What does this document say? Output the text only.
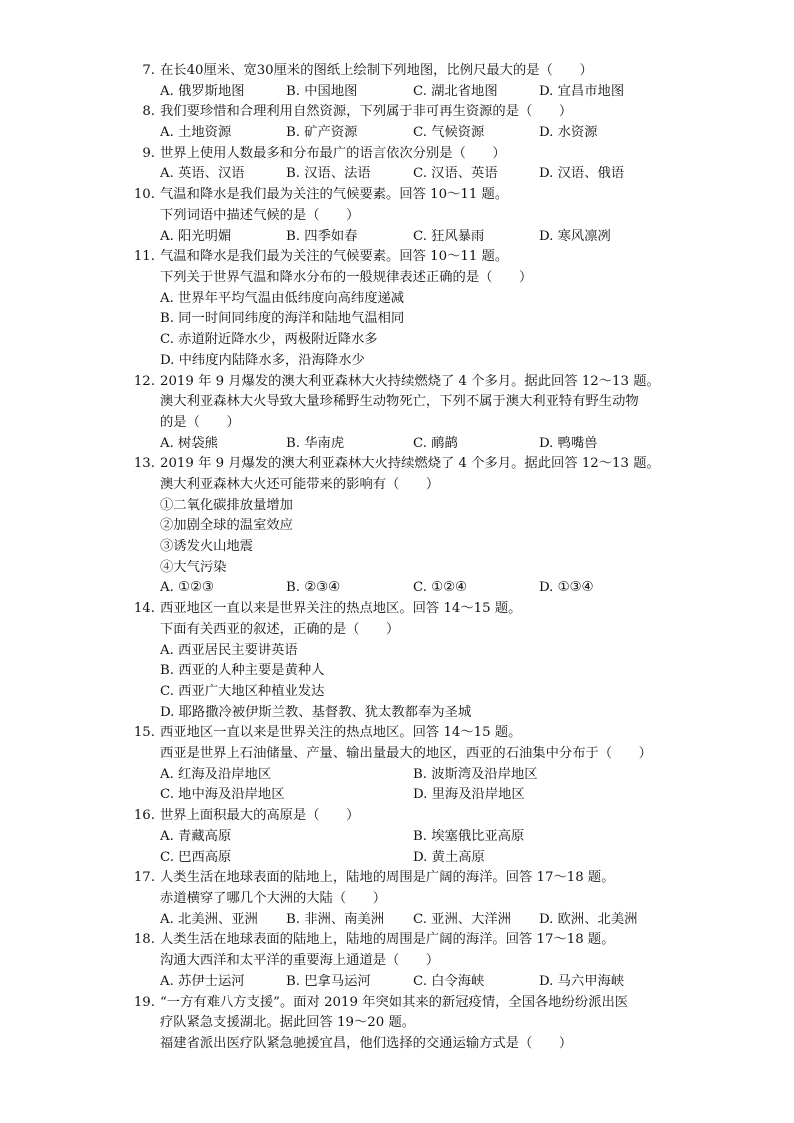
7. 在长40厘米、宽30厘米的图纸上绘制下列地图，比例尺最大的是（　　）
A. 俄罗斯地图	B. 中国地图	C. 湖北省地图	D. 宜昌市地图
8. 我们要珍惜和合理利用自然资源，下列属于非可再生资源的是（　　）
A. 土地资源	B. 矿产资源	C. 气候资源	D. 水资源
9. 世界上使用人数最多和分布最广的语言依次分别是（　　）
A. 英语、汉语	B. 汉语、法语	C. 汉语、英语	D. 汉语、俄语
10. 气温和降水是我们最为关注的气候要素。回答 10～11 题。
下列词语中描述气候的是（　　）
A. 阳光明媚	B. 四季如春	C. 狂风暴雨	D. 寒风凛冽
11. 气温和降水是我们最为关注的气候要素。回答 10～11 题。
下列关于世界气温和降水分布的一般规律表述正确的是（　　）
A. 世界年平均气温由低纬度向高纬度递减
B. 同一时间同纬度的海洋和陆地气温相同
C. 赤道附近降水少，两极附近降水多
D. 中纬度内陆降水多，沿海降水少
12. 2019 年 9 月爆发的澳大利亚森林大火持续燃烧了 4 个多月。据此回答 12～13 题。
澳大利亚森林大火导致大量珍稀野生动物死亡，下列不属于澳大利亚特有野生动物
的是（　　）
A. 树袋熊	B. 华南虎	C. 鸸鹋	D. 鸭嘴兽
13. 2019 年 9 月爆发的澳大利亚森林大火持续燃烧了 4 个多月。据此回答 12～13 题。
澳大利亚森林大火还可能带来的影响有（　　）
①二氧化碳排放量增加
②加剧全球的温室效应
③诱发火山地震
④大气污染
A. ①②③	B. ②③④	C. ①②④	D. ①③④
14. 西亚地区一直以来是世界关注的热点地区。回答 14～15 题。
下面有关西亚的叙述，正确的是（　　）
A. 西亚居民主要讲英语
B. 西亚的人种主要是黄种人
C. 西亚广大地区种植业发达
D. 耶路撒冷被伊斯兰教、基督教、犹太教都奉为圣城
15. 西亚地区一直以来是世界关注的热点地区。回答 14～15 题。
西亚是世界上石油储量、产量、输出量最大的地区，西亚的石油集中分布于（　　）
A. 红海及沿岸地区	B. 波斯湾及沿岸地区
C. 地中海及沿岸地区	D. 里海及沿岸地区
16. 世界上面积最大的高原是（　　）
A. 青藏高原	B. 埃塞俄比亚高原
C. 巴西高原	D. 黄土高原
17. 人类生活在地球表面的陆地上，陆地的周围是广阔的海洋。回答 17～18 题。
赤道横穿了哪几个大洲的大陆（　　）
A. 北美洲、亚洲 B. 非洲、南美洲 C. 亚洲、大洋洲 D. 欧洲、北美洲
18. 人类生活在地球表面的陆地上，陆地的周围是广阔的海洋。回答 17～18 题。
沟通大西洋和太平洋的重要海上通道是（　　）
A. 苏伊士运河	B. 巴拿马运河	C. 白令海峡	D. 马六甲海峡
19. “一方有难八方支援”。面对 2019 年突如其来的新冠疫情，全国各地纷纷派出医
疗队紧急支援湖北。据此回答 19～20 题。
福建省派出医疗队紧急驰援宜昌，他们选择的交通运输方式是（　　）
